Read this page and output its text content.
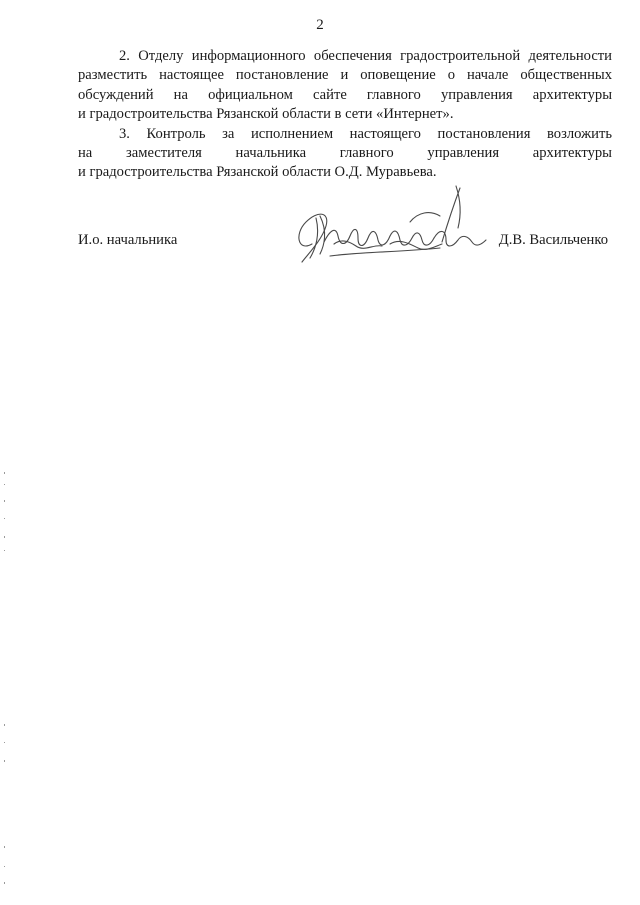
2

2. Отделу информационного обеспечения градостроительной деятельности
разместить настоящее постановление и оповещение о начале общественных
обсуждений на официальном сайте главного управления архитектуры
и градостроительства Рязанской области в сети «Интернет».

3. Контроль за исполнением настоящего постановления возложить
на заместителя начальника главного управления архитектуры
и градостроительства Рязанской области О.Д. Муравьева.

И.о. начальника	Д.В. Васильченко
